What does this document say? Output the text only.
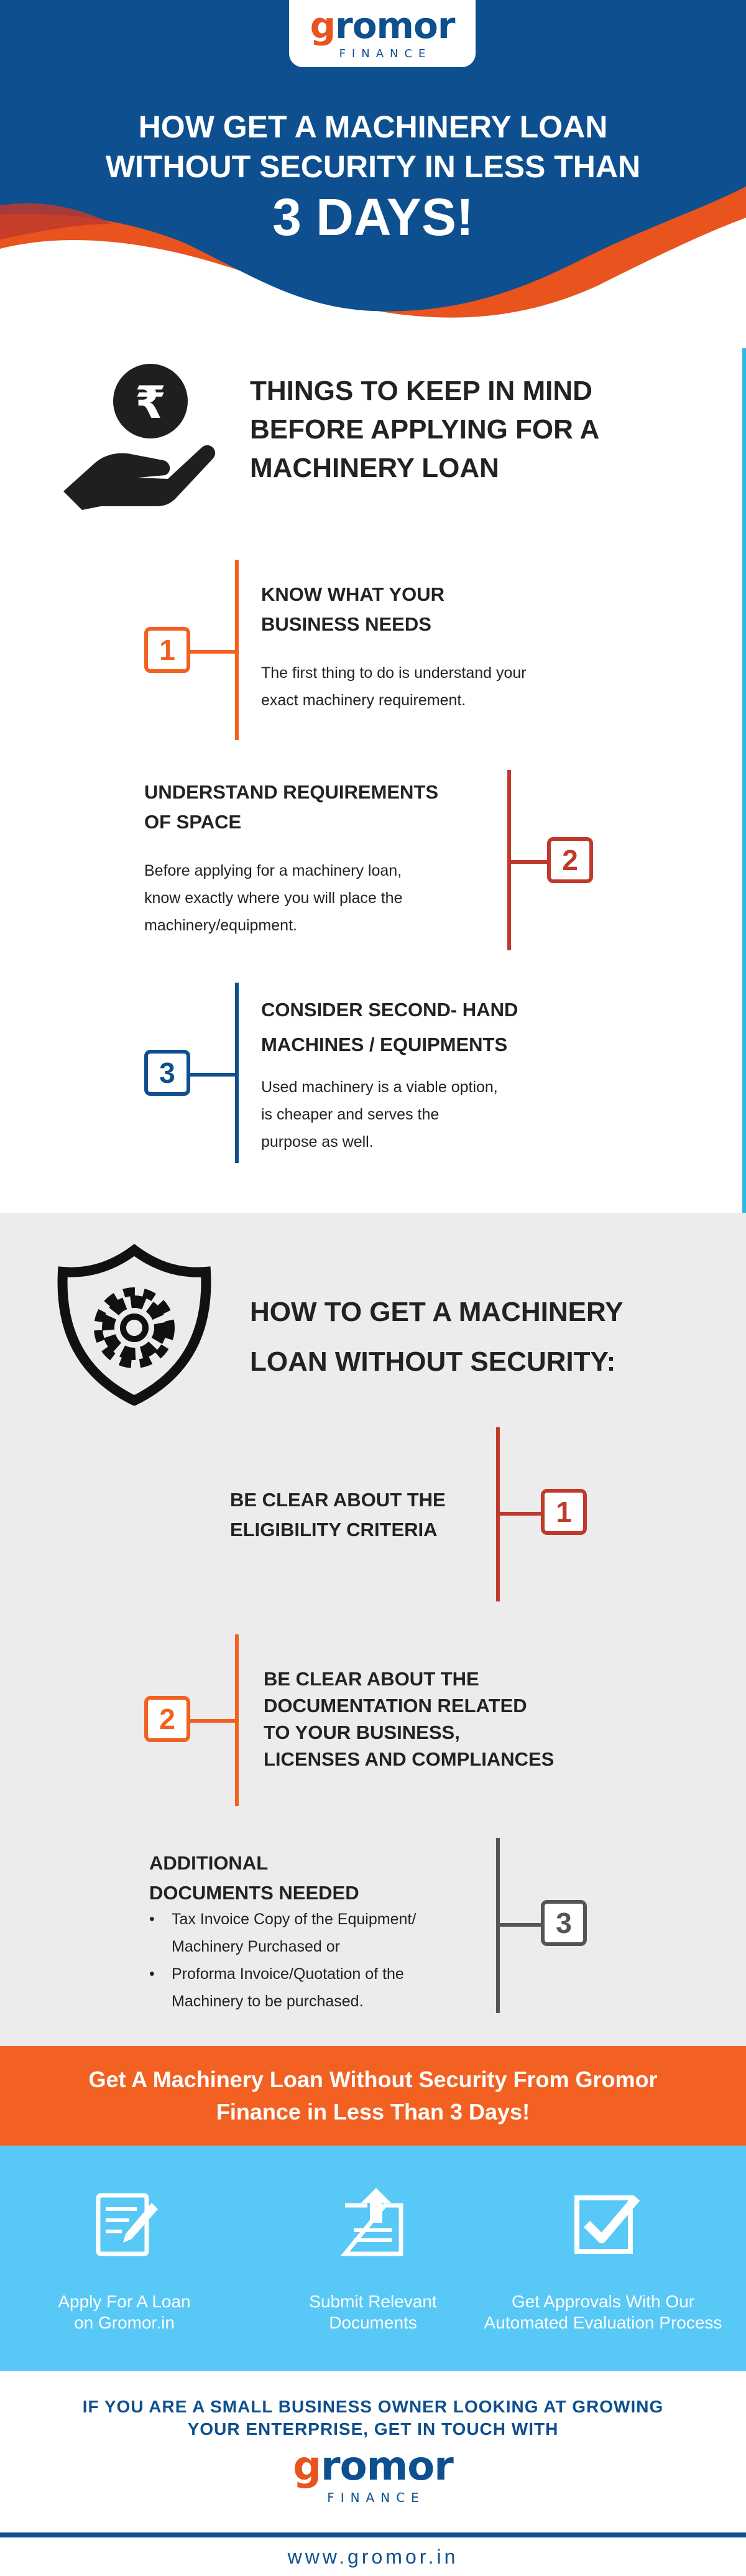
gromor
FINANCE
HOW GET A MACHINERY LOAN
WITHOUT SECURITY IN LESS THAN
3 DAYS!
₹	THINGS TO KEEP IN MIND
BEFORE APPLYING FOR A
MACHINERY LOAN
1
KNOW WHAT YOUR
BUSINESS NEEDS
The first thing to do is understand your
exact machinery requirement.
2
UNDERSTAND REQUIREMENTS
OF SPACE
Before applying for a machinery loan,
know exactly where you will place the
machinery/equipment.
3
CONSIDER SECOND- HAND
MACHINES / EQUIPMENTS
Used machinery is a viable option,
is cheaper and serves the
purpose as well.
HOW TO GET A MACHINERY
LOAN WITHOUT SECURITY:
1
BE CLEAR ABOUT THE
ELIGIBILITY CRITERIA
2
BE CLEAR ABOUT THE
DOCUMENTATION RELATED
TO YOUR BUSINESS,
LICENSES AND COMPLIANCES
3
ADDITIONAL
DOCUMENTS NEEDED
• Tax Invoice Copy of the Equipment/
Machinery Purchased or
• Proforma Invoice/Quotation of the
Machinery to be purchased.
Get A Machinery Loan Without Security From Gromor
Finance in Less Than 3 Days!
Apply For A Loan
on Gromor.in
Submit Relevant
Documents
Get Approvals With Our
Automated Evaluation Process
IF YOU ARE A SMALL BUSINESS OWNER LOOKING AT GROWING
YOUR ENTERPRISE, GET IN TOUCH WITH
gromor
FINANCE
www.gromor.in
